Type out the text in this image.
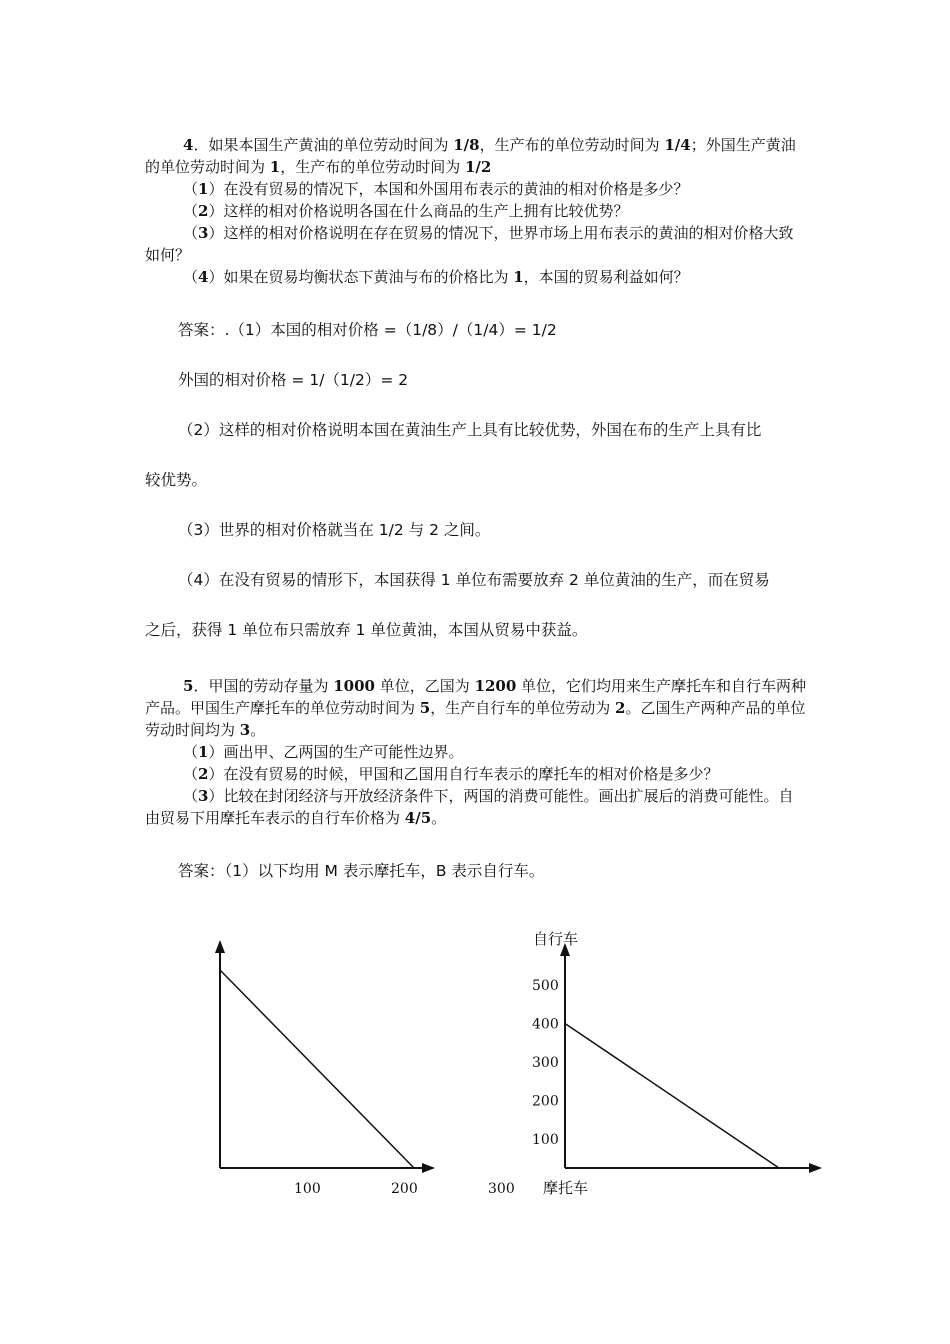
4．如果本国生产黄油的单位劳动时间为 1/8，生产布的单位劳动时间为 1/4；外国生产黄油的单位劳动时间为 1，生产布的单位劳动时间为 1/2

（1）在没有贸易的情况下，本国和外国用布表示的黄油的相对价格是多少？

（2）这样的相对价格说明各国在什么商品的生产上拥有比较优势？

（3）这样的相对价格说明在存在贸易的情况下，世界市场上用布表示的黄油的相对价格大致如何？

（4）如果在贸易均衡状态下黄油与布的价格比为 1，本国的贸易利益如何？

答案：.（1）本国的相对价格 =（1/8）/（1/4）= 1/2
外国的相对价格 = 1/（1/2）= 2
（2）这样的相对价格说明本国在黄油生产上具有比较优势，外国在布的生产上具有比
较优势。
（3）世界的相对价格就当在 1/2 与 2 之间。
（4）在没有贸易的情形下，本国获得 1 单位布需要放弃 2 单位黄油的生产，而在贸易
之后，获得 1 单位布只需放弃 1 单位黄油，本国从贸易中获益。

5．甲国的劳动存量为 1000 单位，乙国为 1200 单位，它们均用来生产摩托车和自行车两种产品。甲国生产摩托车的单位劳动时间为 5，生产自行车的单位劳动为 2。乙国生产两种产品的单位劳动时间均为 3。

（1）画出甲、乙两国的生产可能性边界。

（2）在没有贸易的时候，甲国和乙国用自行车表示的摩托车的相对价格是多少？

（3）比较在封闭经济与开放经济条件下，两国的消费可能性。画出扩展后的消费可能性。自由贸易下用摩托车表示的自行车价格为 4/5。

答案：（1）以下均用 M 表示摩托车，B 表示自行车。
100	200	300 摩托车
100
200
300
400
500
自行车
